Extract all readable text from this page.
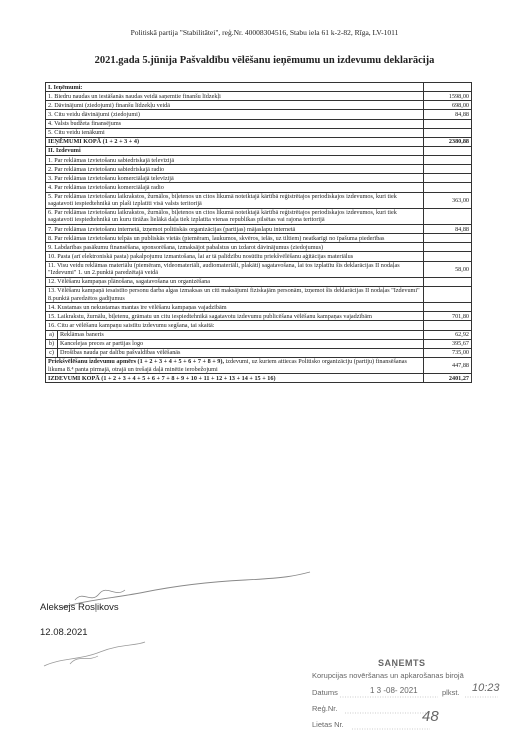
Politiskā partija "Stabilitātei", reģ.Nr. 40008304516, Stabu iela 61 k-2-82, Rīga, LV-1011
2021.gada 5.jūnija Pašvaldību vēlēšanu ieņēmumu un izdevumu deklarācija
I. Ieņēmumi:		
1. Biedru naudas un iestāšanās naudas veidā saņemtie finanšu līdzekļi		1598,00
2. Dāvinājumi (ziedojumi) finanšu līdzekļu veidā		698,00
3. Citu veidu dāvinājumi (ziedojumi)		84,88
4. Valsts budžeta finansējums		
5. Citu veidu ienākumi		
IEŅĒMUMI KOPĀ (1 + 2 + 3 + 4)		2380,88
II. Izdevumi		
1. Par reklāmas izvietošanu sabiedriskajā televīzijā		
2. Par reklāmas izvietošanu sabiedriskajā radio		
3. Par reklāmas izvietošanu komerciālajā televīzijā		
4. Par reklāmas izvietošanu komerciālajā radio		
5. Par reklāmas izvietošanu laikrakstos, žurnālos, biļetenos un citos likumā noteiktajā kārtībā reģistrētajos periodiskajos izdevumos, kuri tiek sagatavoti iespiedtehnikā un plaši izplatīti visā valsts teritorijā		363,00
6. Par reklāmas izvietošanu laikrakstos, žurnālos, biļetenos un citos likumā noteiktajā kārtībā reģistrētajos periodiskajos izdevumos, kuri tiek sagatavoti iespiedtehnikā un kuru tirāžas lielākā daļa tiek izplatīta vienas republikas pilsētas vai rajona teritorijā		
7. Par reklāmas izvietošanu internetā, izņemot politiskās organizācijas (partijas) mājaslapu internetā		84,88
8. Par reklāmas izvietošanu telpās un publiskās vietās (piemēram, laukumos, skvēros, ielās, uz tiltiem) neatkarīgi no īpašuma piederības		
9. Labdarības pasākumu finansēšana, sponsorēšana, izmaksājot pabalstus un izdarot dāvinājumus (ziedojumus)		
10. Pasta (arī elektroniskā pasta) pakalpojumu izmantošana, lai ar tā palīdzību nosūtītu priekšvēlēšanu aģitācijas materiālus		
11. Visu veidu reklāmas materiālu (piemēram, videomateriāli, audiomateriāli, plakāti) sagatavošana, lai tos izplatītu šīs deklarācijas II nodaļas "Izdevumi" 1. un 2.punktā paredzētajā veidā		58,00
12. Vēlēšanu kampaņas plānošana, sagatavošana un organizēšana		
13. Vēlēšanu kampaņā iesaistīto personu darba algas izmaksas un citi maksājumi fiziskajām personām, izņemot šīs deklarācijas II nodaļas "Izdevumi" 8.punktā paredzētos gadījumus		
14. Kustamas un nekustamas mantas īre vēlēšanu kampaņas vajadzībām		
15. Laikrakstu, žurnālu, biļetenu, grāmatu un citu iespiedtehnikā sagatavotu izdevumu publicēšana vēlēšanu kampaņas vajadzībām		701,80
16. Citu ar vēlēšanu kampaņu saistītu izdevumu segšana, tai skaitā:		
a)	Reklāmas baneris	62,92
b)	Kancelejas preces ar partijas logo	395,67
c)	Drošības nauda par dalību pašvaldības vēlēšanās	735,00
Priekšvēlēšanu izdevumu apmērs (1 + 2 + 3 + 4 + 5 + 6 + 7 + 8 + 9), izdevumi, uz kuriem attiecas Politisko organizāciju (partiju) finansēšanas likuma 8.⁴ panta pirmajā, otrajā un trešajā daļā minētie ierobežojumi		447,88
IZDEVUMI KOPĀ (1 + 2 + 3 + 4 + 5 + 6 + 7 + 8 + 9 + 10 + 11 + 12 + 13 + 14 + 15 + 16)		2401,27
Aleksejs Rosļikovs
12.08.2021
SAŅEMTS
Korupcijas novēršanas un apkarošanas birojā
Datums	1 3 -08- 2021	plkst. 10:23
Reģ.Nr.
Lietas Nr.	48
